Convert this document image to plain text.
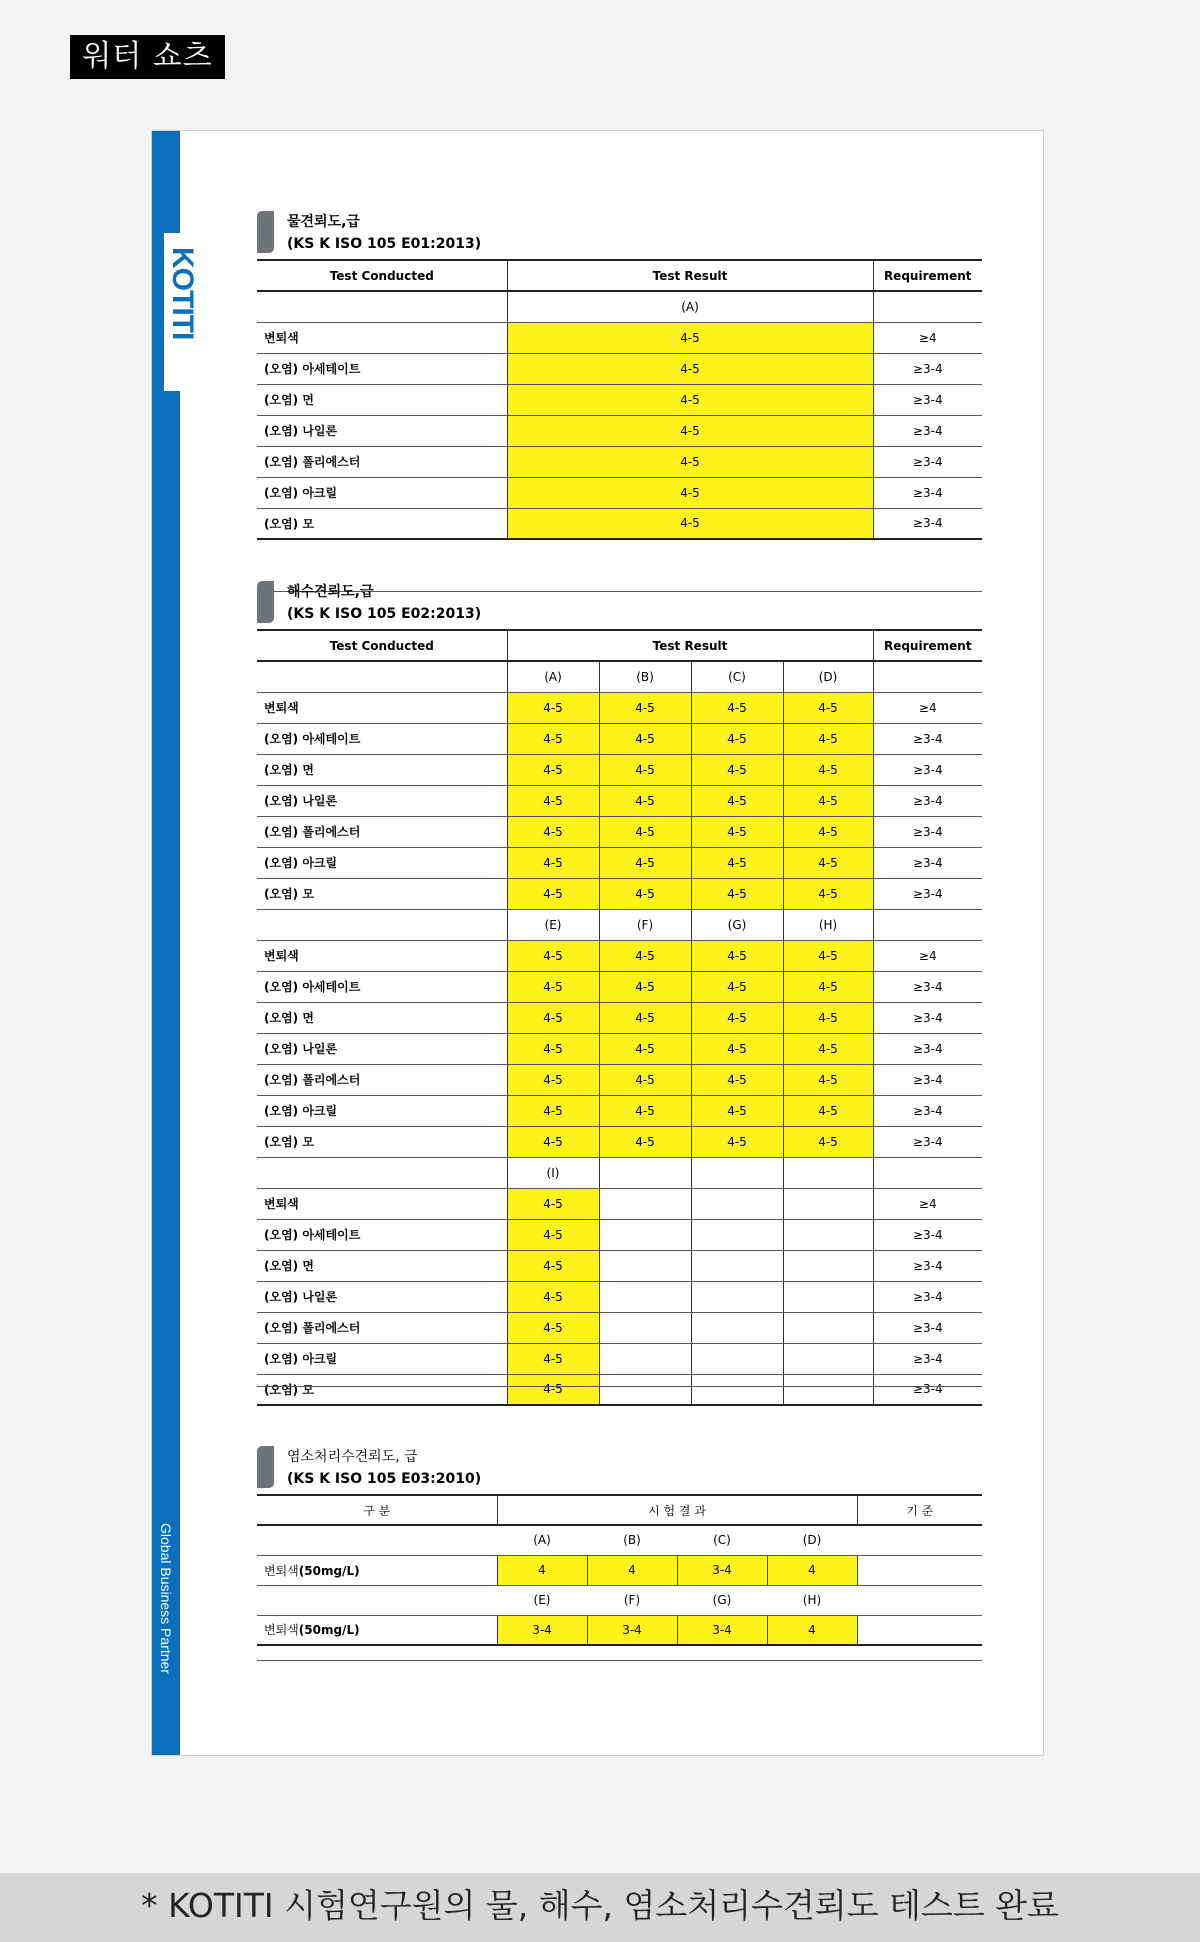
워터 쇼츠
KOTITI
Global Business Partner
물견뢰도,급
(KS K ISO 105 E01:2013)
Test Conducted	Test Result	Requirement
	(A)	
변퇴색	4-5	≥4
(오염) 아세테이트	4-5	≥3-4
(오염) 면	4-5	≥3-4
(오염) 나일론	4-5	≥3-4
(오염) 폴리에스터	4-5	≥3-4
(오염) 아크릴	4-5	≥3-4
(오염) 모	4-5	≥3-4
해수견뢰도,급
(KS K ISO 105 E02:2013)
Test Conducted	Test Result				Requirement
	(A)	(B)	(C)	(D)	
변퇴색	4-5	4-5	4-5	4-5	≥4
(오염) 아세테이트	4-5	4-5	4-5	4-5	≥3-4
(오염) 면	4-5	4-5	4-5	4-5	≥3-4
(오염) 나일론	4-5	4-5	4-5	4-5	≥3-4
(오염) 폴리에스터	4-5	4-5	4-5	4-5	≥3-4
(오염) 아크릴	4-5	4-5	4-5	4-5	≥3-4
(오염) 모	4-5	4-5	4-5	4-5	≥3-4
	(E)	(F)	(G)	(H)	
변퇴색	4-5	4-5	4-5	4-5	≥4
(오염) 아세테이트	4-5	4-5	4-5	4-5	≥3-4
(오염) 면	4-5	4-5	4-5	4-5	≥3-4
(오염) 나일론	4-5	4-5	4-5	4-5	≥3-4
(오염) 폴리에스터	4-5	4-5	4-5	4-5	≥3-4
(오염) 아크릴	4-5	4-5	4-5	4-5	≥3-4
(오염) 모	4-5	4-5	4-5	4-5	≥3-4
	(I)				
변퇴색	4-5				≥4
(오염) 아세테이트	4-5				≥3-4
(오염) 면	4-5				≥3-4
(오염) 나일론	4-5				≥3-4
(오염) 폴리에스터	4-5				≥3-4
(오염) 아크릴	4-5				≥3-4
(오염) 모	4-5				≥3-4
염소처리수견뢰도, 급
(KS K ISO 105 E03:2010)
구 분	시 험 결 과				기 준
	(A)	(B)	(C)	(D)	
변퇴색(50mg/L)	4	4	3-4	4	
	(E)	(F)	(G)	(H)	
변퇴색(50mg/L)	3-4	3-4	3-4	4	
* KOTITI 시험연구원의 물, 해수, 염소처리수견뢰도 테스트 완료
